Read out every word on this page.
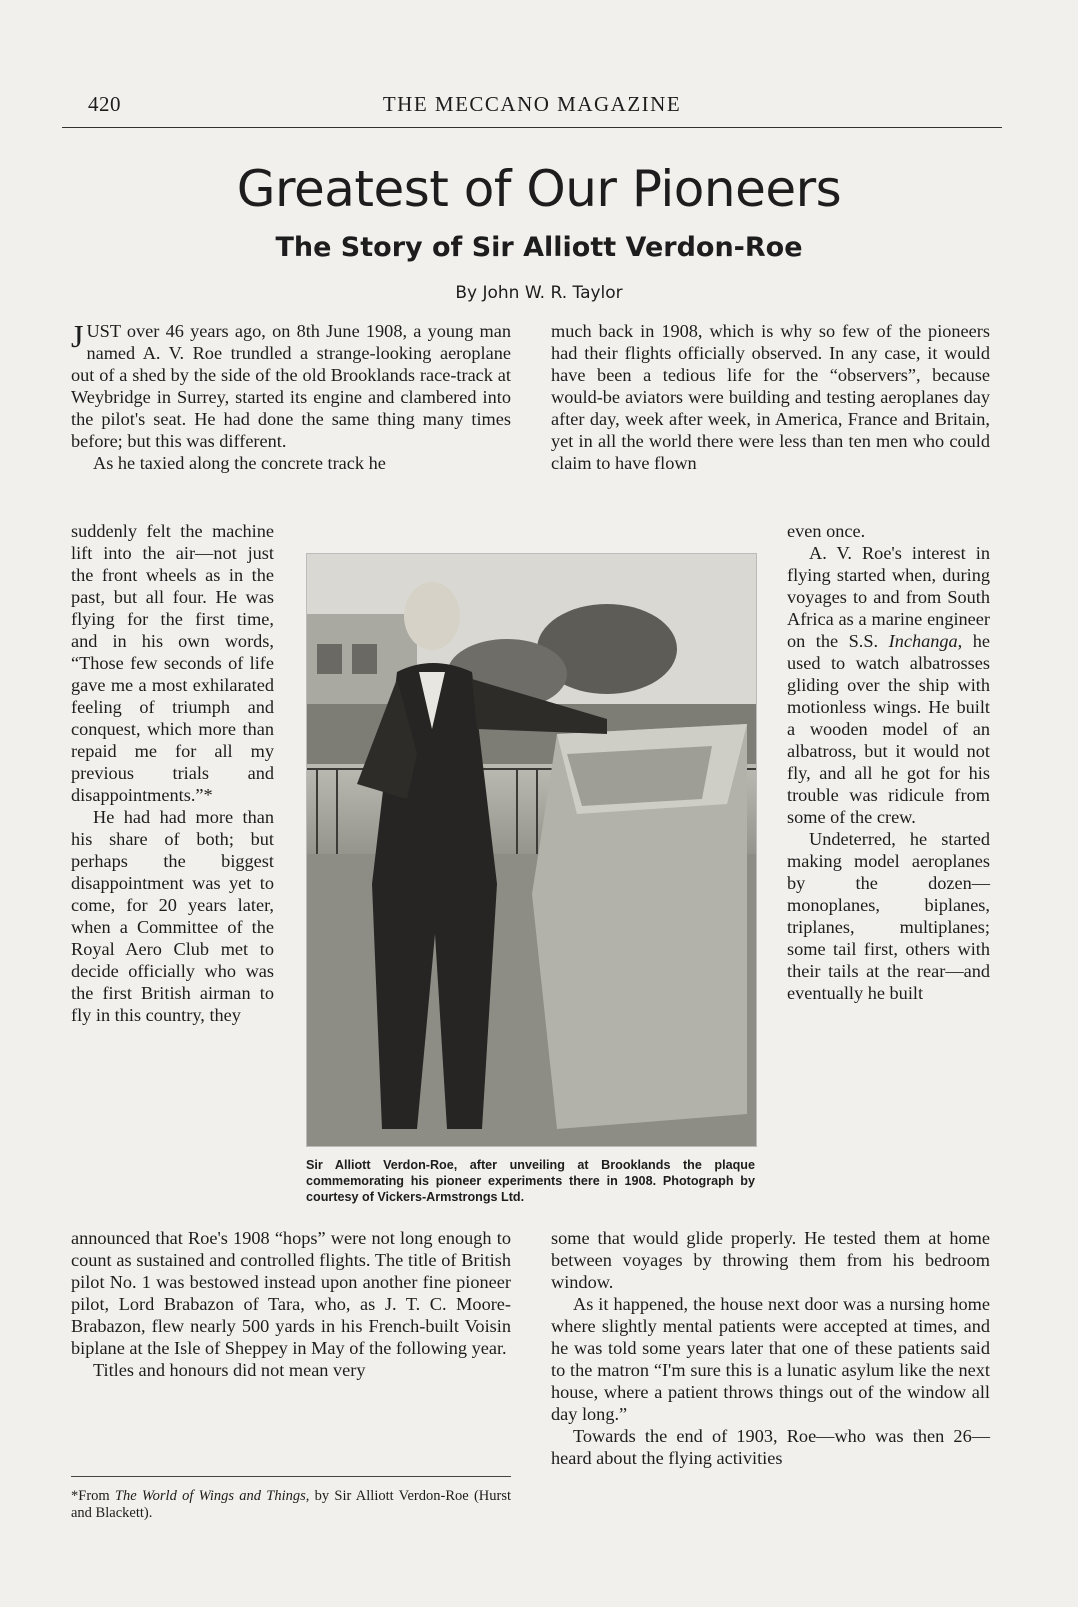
420	THE MECCANO MAGAZINE
Greatest of Our Pioneers
The Story of Sir Alliott Verdon-Roe
By John W. R. Taylor

JUST over 46 years ago, on 8th June 1908, a young man named A. V. Roe trundled a strange-looking aeroplane out of a shed by the side of the old Brooklands race-track at Weybridge in Surrey, started its engine and clambered into the pilot's seat. He had done the same thing many times before; but this was different.

As he taxied along the concrete track he

suddenly felt the machine lift into the air—not just the front wheels as in the past, but all four. He was flying for the first time, and in his own words, “Those few seconds of life gave me a most exhilarated feeling of triumph and conquest, which more than repaid me for all my previous trials and disappointments.”*

He had had more than his share of both; but perhaps the biggest disappointment was yet to come, for 20 years later, when a Committee of the Royal Aero Club met to decide officially who was the first British airman to fly in this country, they

announced that Roe's 1908 “hops” were not long enough to count as sustained and controlled flights. The title of British pilot No. 1 was bestowed instead upon another fine pioneer pilot, Lord Brabazon of Tara, who, as J. T. C. Moore-Brabazon, flew nearly 500 yards in his French-built Voisin biplane at the Isle of Sheppey in May of the following year.

Titles and honours did not mean very

much back in 1908, which is why so few of the pioneers had their flights officially observed. In any case, it would have been a tedious life for the “observers”, because would-be aviators were building and testing aeroplanes day after day, week after week, in America, France and Britain, yet in all the world there were less than ten men who could claim to have flown

even once.

A. V. Roe's interest in flying started when, during voyages to and from South Africa as a marine engineer on the S.S. Inchanga, he used to watch albatrosses gliding over the ship with motionless wings. He built a wooden model of an albatross, but it would not fly, and all he got for his trouble was ridicule from some of the crew.

Undeterred, he started making model aeroplanes by the dozen—monoplanes, biplanes, triplanes, multiplanes; some tail first, others with their tails at the rear—and eventually he built

some that would glide properly. He tested them at home between voyages by throwing them from his bedroom window.

As it happened, the house next door was a nursing home where slightly mental patients were accepted at times, and he was told some years later that one of these patients said to the matron “I'm sure this is a lunatic asylum like the next house, where a patient throws things out of the window all day long.”

Towards the end of 1903, Roe—who was then 26—heard about the flying activities

Sir Alliott Verdon-Roe, after unveiling at Brooklands the plaque commemorating his pioneer experiments there in 1908. Photograph by courtesy of Vickers-Armstrongs Ltd.
*From The World of Wings and Things, by Sir Alliott Verdon-Roe (Hurst and Blackett).
